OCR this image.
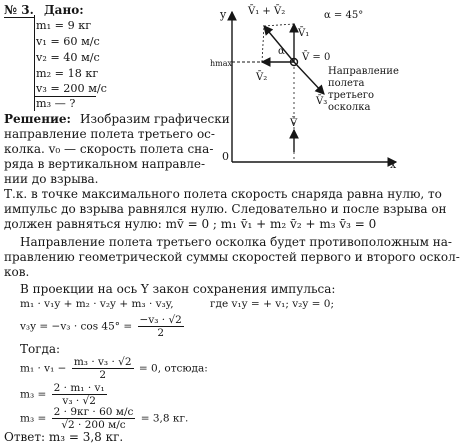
№ 3. Дано:
m₁ = 9 кг
v₁ = 60 м/с
v₂ = 40 м/с
m₂ = 18 кг
v₃ = 200 м/с
m₃ — ?
Решение: Изобразим графически
направление полета третьего ос-
колка. v₀ — скорость полета сна-
ряда в вертикальном направле-
нии до взрыва.
y
x
0
hmax
α = 45°
V̄₁ + V̄₂
V̄₁
V̄₂
V̄₃
V̄ = 0
α
V̄
Направление
полета
третьего
осколка
Т.к. в точке максимального полета скорость снаряда равна нулю, то
импульс до взрыва равнялся нулю. Следовательно и после взрыва он
должен равняться нулю: mv̄ = 0 ; m₁ v̄₁ + m₂ v̄₂ + m₃ v̄₃ = 0
Направление полета третьего осколка будет противоположным на-
правлению геометрической суммы скоростей первого и второго оскол-
ков.
В проекции на ось Y закон сохранения импульса:
m₁ · v₁y + m₂ · v₂y + m₃ · v₃y,	где v₁y = + v₁; v₂y = 0;
$v_3y = -v_3 \cdot \cos 45^\circ = \frac{\text{−v₃ · √2}}{2}$
Тогда:
$m_1 \cdot v_1 - \frac{\text{m₃ · v₃ · √2}}{2} = 0$, отсюда:
$m_3 = \frac{\text{2 · m₁ · v₁}}{\text{v₃ · √2}}$
$m_3 = \frac{2 \cdot 9кг \cdot 60 м/с}{√2 \cdot 200 м/с} = 3,8$ кг.
Ответ: m₃ = 3,8 кг.
